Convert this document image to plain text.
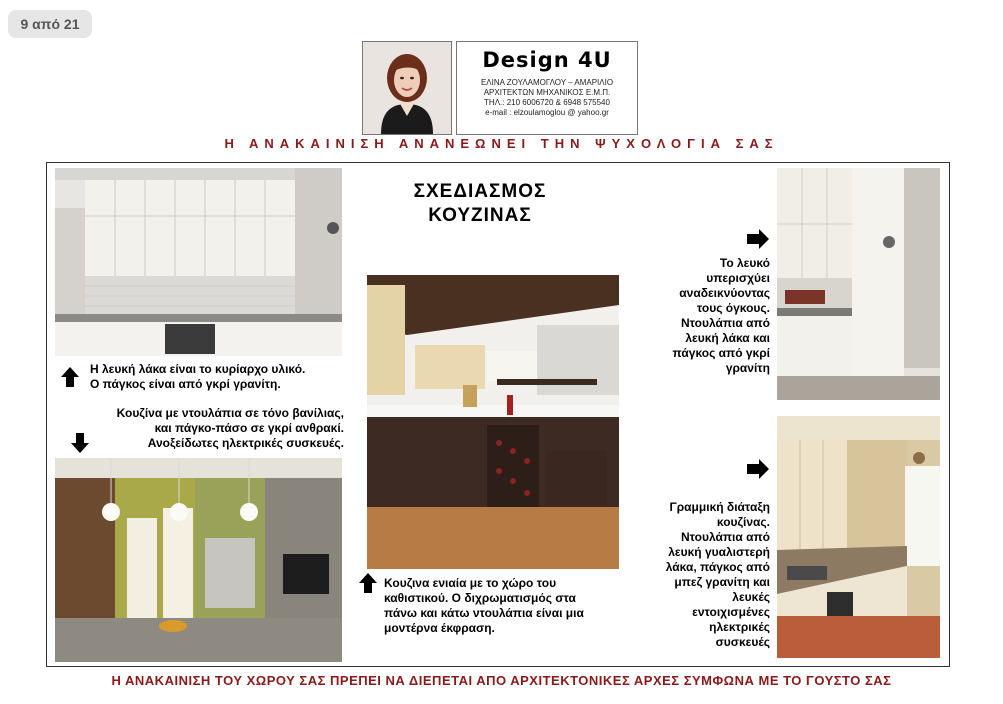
9 από 21
Design 4U
ΕΛΙΝΑ ΖΟΥΛΑΜΟΓΛΟΥ – ΑΜΑΡΙΛΙΟ
ΑΡΧΙΤΕΚΤΩΝ ΜΗΧΑΝΙΚΟΣ Ε.Μ.Π.
ΤΗΛ.: 210 6006720 & 6948 575540
e-mail : elzoulamoglou @ yahoo.gr
Η ΑΝΑΚΑΙΝΙΣΗ ΑΝΑΝΕΩΝΕΙ ΤΗΝ ΨΥΧΟΛΟΓΙΑ ΣΑΣ
Η λευκή λάκα είναι το κυρίαρχο υλικό.
Ο πάγκος είναι από γκρί γρανίτη.
Κουζίνα με ντουλάπια σε τόνο βανίλιας,
και πάγκο-πάσο σε γκρί ανθρακί.
Ανοξείδωτες ηλεκτρικές συσκευές.
ΣΧΕΔΙΑΣΜΟΣ
ΚΟΥΖΙΝΑΣ
Κουζινα ενιαία με το χώρο του
καθιστικού. Ο διχρωματισμός στα
πάνω και κάτω ντουλάπια είναι μια
μοντέρνα έκφραση.
Το λευκό
υπερισχύει
αναδεικνύοντας
τους όγκους.
Ντουλάπια από
λευκή λάκα και
πάγκος από γκρί
γρανίτη
Γραμμική διάταξη
κουζίνας.
Ντουλάπια από
λευκή γυαλιστερή
λάκα, πάγκος από
μπεζ γρανίτη και
λευκές
εντοιχισμένες
ηλεκτρικές
συσκευές
Η ΑΝΑΚΑΙΝΙΣΗ ΤΟΥ ΧΩΡΟΥ ΣΑΣ ΠΡΕΠΕΙ ΝΑ ΔΙΕΠΕΤΑΙ ΑΠΟ ΑΡΧΙΤΕΚΤΟΝΙΚΕΣ ΑΡΧΕΣ ΣΥΜΦΩΝΑ ΜΕ ΤΟ ΓΟΥΣΤΟ ΣΑΣ
